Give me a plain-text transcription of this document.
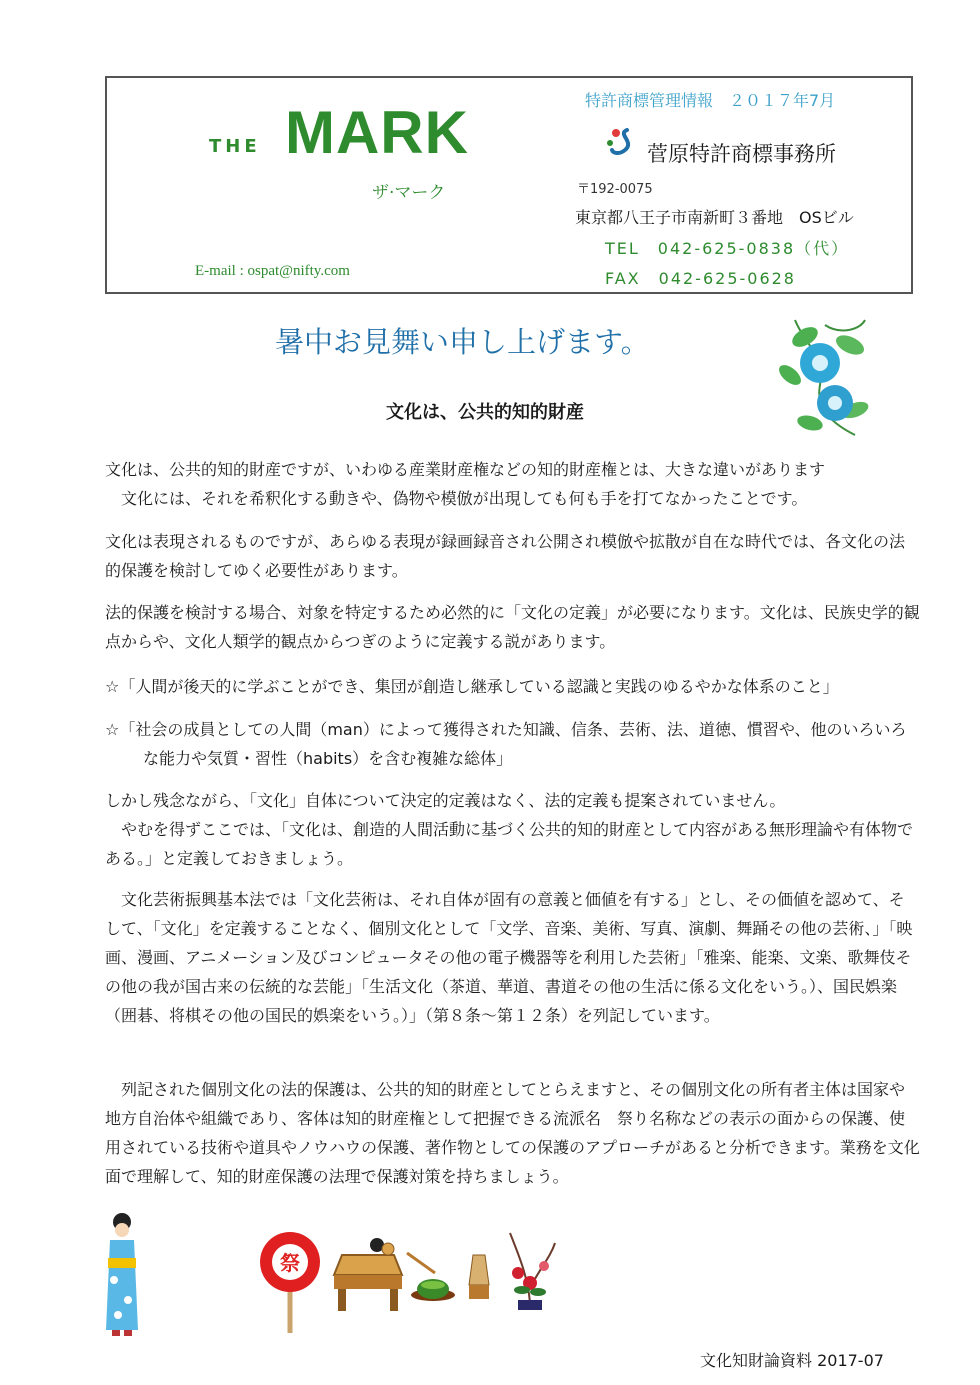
THE MARK
ザ·マーク
E-mail : ospat@nifty.com
特許商標管理情報　２０１７年7月
菅原特許商標事務所
〒192-0075
東京都八王子市南新町３番地　OSビル
TEL　042-625-0838（代）
FAX　042-625-0628
暑中お見舞い申し上げます。
文化は、公共的知的財産

文化は、公共的知的財産ですが、いわゆる産業財産権などの知的財産権とは、大きな違いがあります

文化には、それを希釈化する動きや、偽物や模倣が出現しても何も手を打てなかったことです。

文化は表現されるものですが、あらゆる表現が録画録音され公開され模倣や拡散が自在な時代では、各文化の法的保護を検討してゆく必要性があります。

法的保護を検討する場合、対象を特定するため必然的に「文化の定義」が必要になります。文化は、民族史学的観点からや、文化人類学的観点からつぎのように定義する説があります。

☆「人間が後天的に学ぶことができ、集団が創造し継承している認識と実践のゆるやかな体系のこと」

☆「社会の成員としての人間（man）によって獲得された知識、信条、芸術、法、道徳、慣習や、他のいろいろな能力や気質・習性（habits）を含む複雑な総体」

しかし残念ながら、「文化」自体について決定的定義はなく、法的定義も提案されていません。

やむを得ずここでは、「文化は、創造的人間活動に基づく公共的知的財産として内容がある無形理論や有体物である。」と定義しておきましょう。

文化芸術振興基本法では「文化芸術は、それ自体が固有の意義と価値を有する」とし、その価値を認めて、そして、「文化」を定義することなく、個別文化として「文学、音楽、美術、写真、演劇、舞踊その他の芸術、」「映画、漫画、アニメーション及びコンピュータその他の電子機器等を利用した芸術」「雅楽、能楽、文楽、歌舞伎その他の我が国古来の伝統的な芸能」「生活文化（茶道、華道、書道その他の生活に係る文化をいう。）、国民娯楽（囲碁、将棋その他の国民的娯楽をいう。）」（第８条～第１２条）を列記しています。

列記された個別文化の法的保護は、公共的知的財産としてとらえますと、その個別文化の所有者主体は国家や地方自治体や組織であり、客体は知的財産権として把握できる流派名　祭り名称などの表示の面からの保護、使用されている技術や道具やノウハウの保護、著作物としての保護のアプローチがあると分析できます。業務を文化面で理解して、知的財産保護の法理で保護対策を持ちましょう。

祭
文化知財論資料 2017-07
